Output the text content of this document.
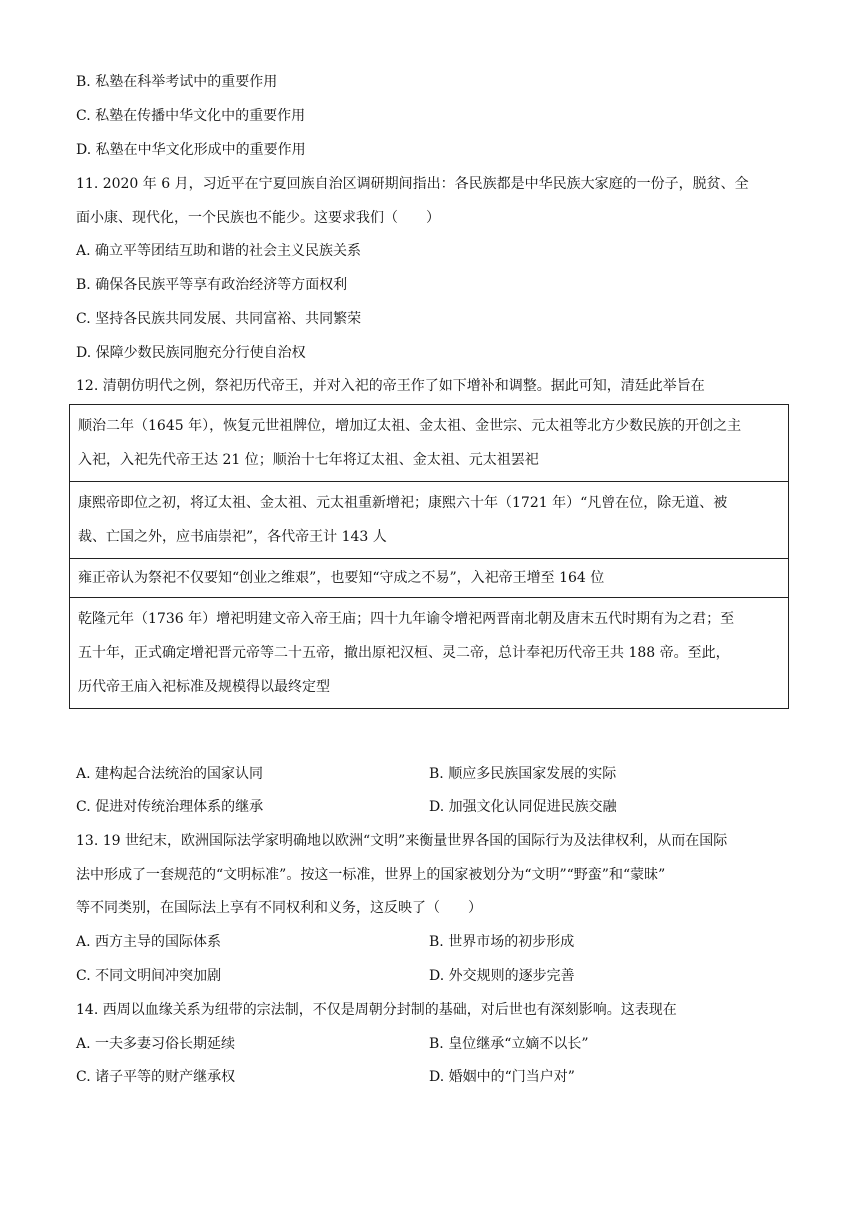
B. 私塾在科举考试中的重要作用
C. 私塾在传播中华文化中的重要作用
D. 私塾在中华文化形成中的重要作用
11. 2020 年 6 月，习近平在宁夏回族自治区调研期间指出：各民族都是中华民族大家庭的一份子，脱贫、全
面小康、现代化，一个民族也不能少。这要求我们（　　）
A. 确立平等团结互助和谐的社会主义民族关系
B. 确保各民族平等享有政治经济等方面权利
C. 坚持各民族共同发展、共同富裕、共同繁荣
D. 保障少数民族同胞充分行使自治权
12. 清朝仿明代之例，祭祀历代帝王，并对入祀的帝王作了如下增补和调整。据此可知，清廷此举旨在
顺治二年（1645 年），恢复元世祖牌位，增加辽太祖、金太祖、金世宗、元太祖等北方少数民族的开创之主
入祀，入祀先代帝王达 21 位；顺治十七年将辽太祖、金太祖、元太祖罢祀

康熙帝即位之初，将辽太祖、金太祖、元太祖重新增祀；康熙六十年（1721 年）“凡曾在位，除无道、被
裁、亡国之外，应书庙崇祀”，各代帝王计 143 人

雍正帝认为祭祀不仅要知“创业之维艰”，也要知“守成之不易”，入祀帝王增至 164 位

乾隆元年（1736 年）增祀明建文帝入帝王庙；四十九年谕令增祀两晋南北朝及唐末五代时期有为之君；至
五十年，正式确定增祀晋元帝等二十五帝，撤出原祀汉桓、灵二帝，总计奉祀历代帝王共 188 帝。至此，
历代帝王庙入祀标准及规模得以最终定型
A. 建构起合法统治的国家认同	B. 顺应多民族国家发展的实际
C. 促进对传统治理体系的继承	D. 加强文化认同促进民族交融
13. 19 世纪末，欧洲国际法学家明确地以欧洲“文明”来衡量世界各国的国际行为及法律权利，从而在国际
法中形成了一套规范的“文明标准”。按这一标准，世界上的国家被划分为“文明”“野蛮”和“蒙昧”
等不同类别，在国际法上享有不同权利和义务，这反映了（　　）
A. 西方主导的国际体系	B. 世界市场的初步形成
C. 不同文明间冲突加剧	D. 外交规则的逐步完善
14. 西周以血缘关系为纽带的宗法制，不仅是周朝分封制的基础，对后世也有深刻影响。这表现在
A. 一夫多妻习俗长期延续	B. 皇位继承“立嫡不以长”
C. 诸子平等的财产继承权	D. 婚姻中的“门当户对”
